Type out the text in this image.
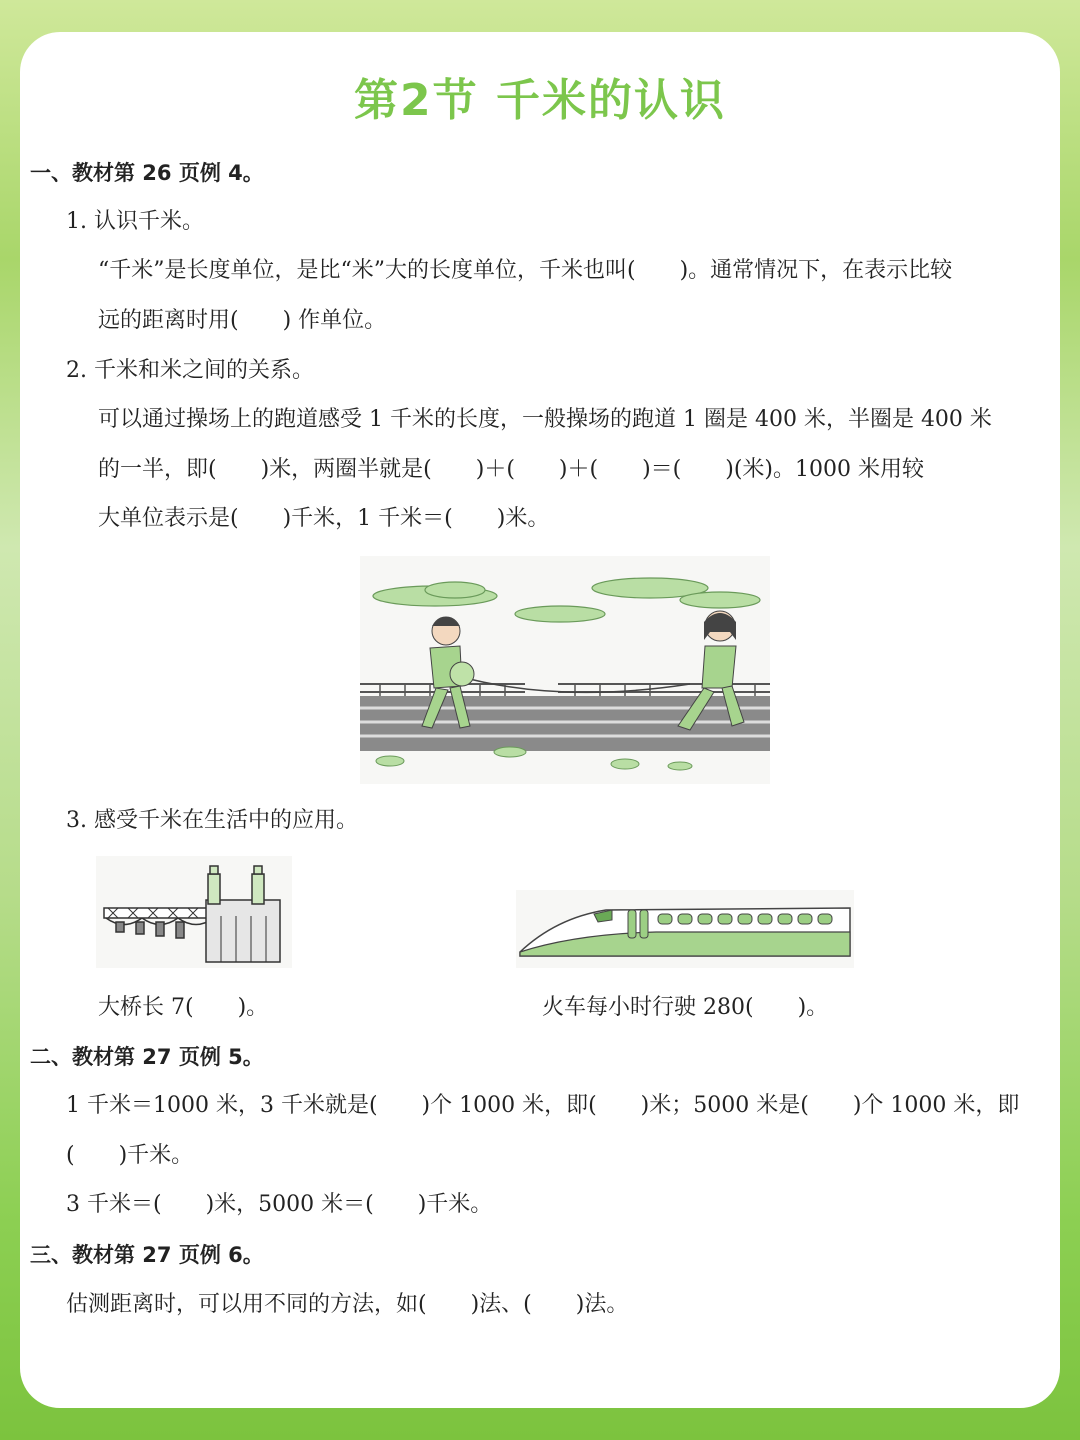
第2节 千米的认识
一、教材第 26 页例 4。
1. 认识千米。
“千米”是长度单位，是比“米”大的长度单位，千米也叫(　　)。通常情况下，在表示比较
远的距离时用(　　) 作单位。
2. 千米和米之间的关系。
可以通过操场上的跑道感受 1 千米的长度，一般操场的跑道 1 圈是 400 米，半圈是 400 米
的一半，即(　　)米，两圈半就是(　　)＋(　　)＋(　　)＝(　　)(米)。1000 米用较
大单位表示是(　　)千米，1 千米＝(　　)米。
3. 感受千米在生活中的应用。
大桥长 7(　　)。	火车每小时行驶 280(　　)。
二、教材第 27 页例 5。
1 千米＝1000 米，3 千米就是(　　)个 1000 米，即(　　)米；5000 米是(　　)个 1000 米，即
(　　)千米。
3 千米＝(　　)米，5000 米＝(　　)千米。
三、教材第 27 页例 6。
估测距离时，可以用不同的方法，如(　　)法、(　　)法。
